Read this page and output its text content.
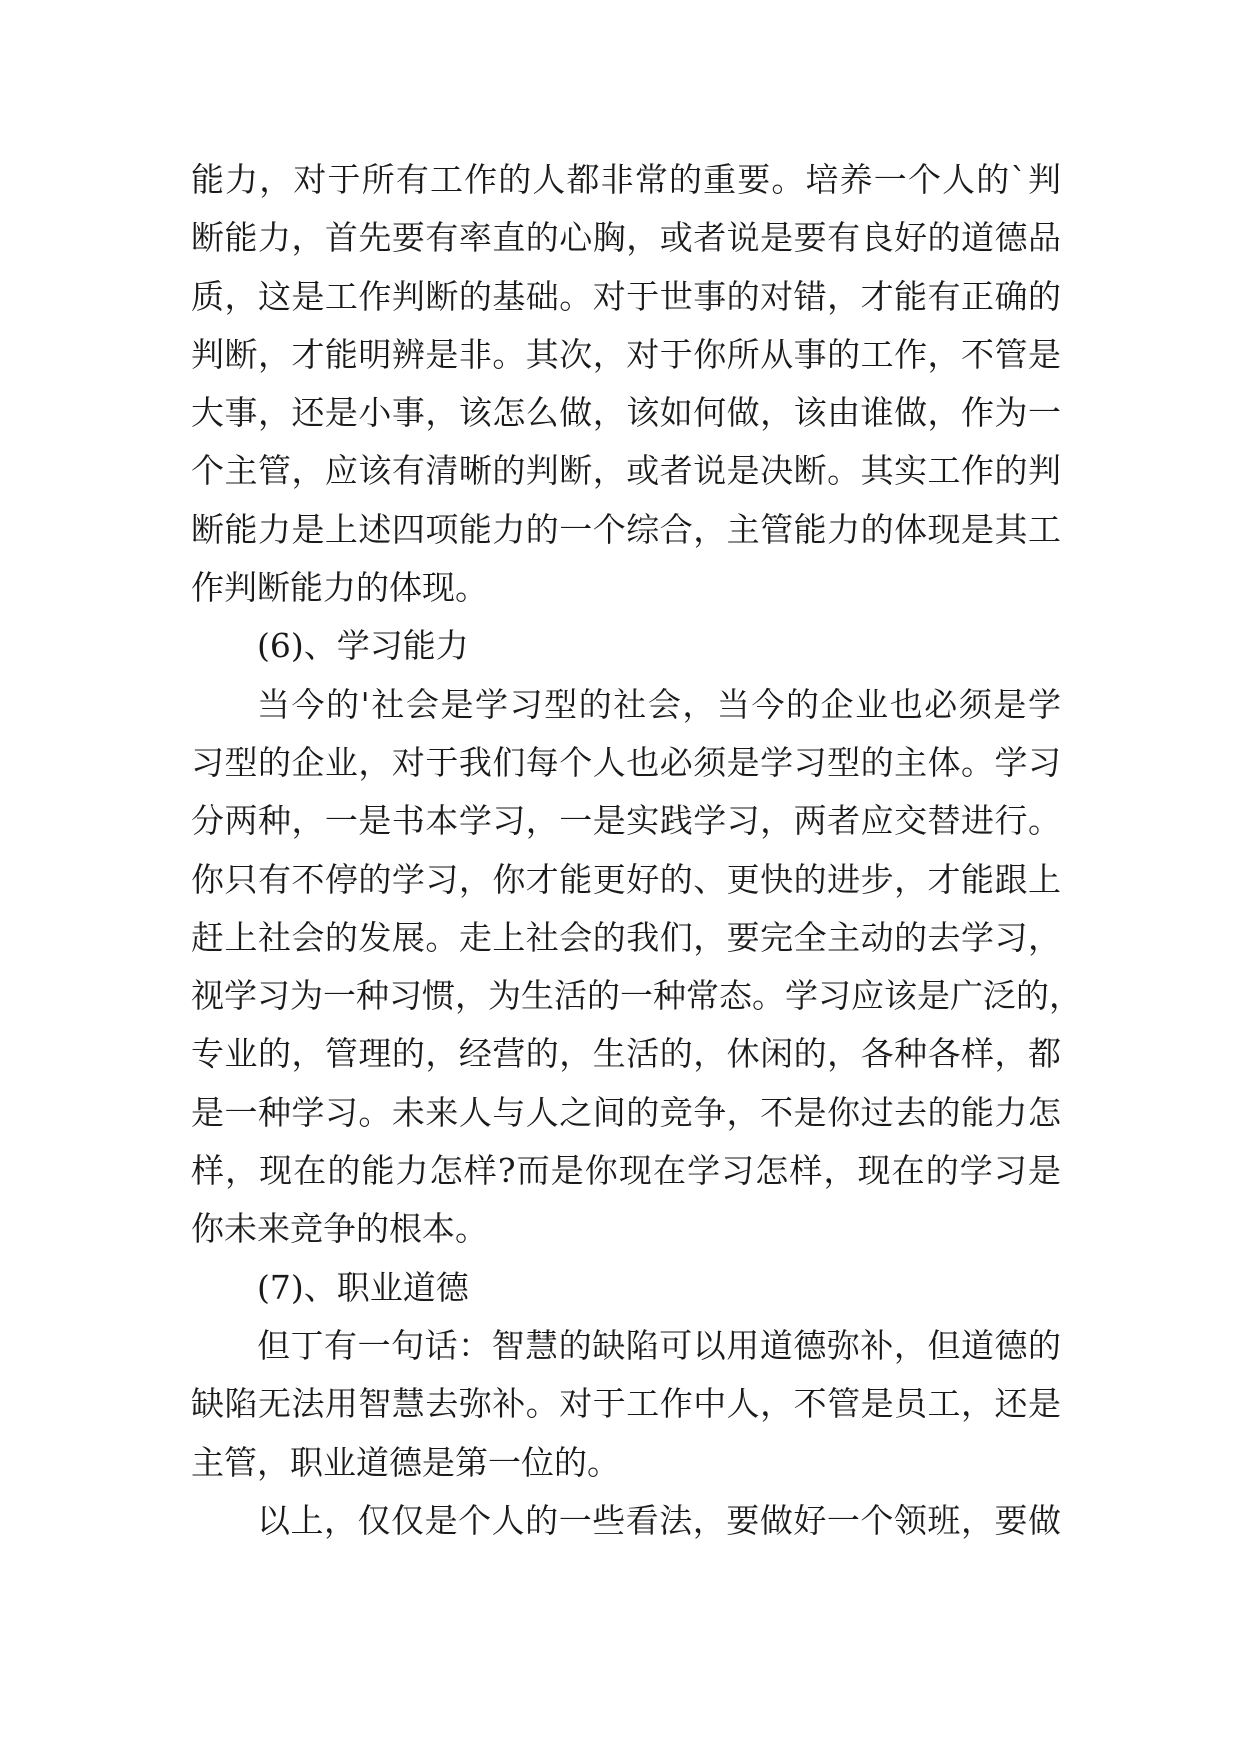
能力，对于所有工作的人都非常的重要。培养一个人的`判
断能力，首先要有率直的心胸，或者说是要有良好的道德品
质，这是工作判断的基础。对于世事的对错，才能有正确的
判断，才能明辨是非。其次，对于你所从事的工作，不管是
大事，还是小事，该怎么做，该如何做，该由谁做，作为一
个主管，应该有清晰的判断，或者说是决断。其实工作的判
断能力是上述四项能力的一个综合，主管能力的体现是其工
作判断能力的体现。
(6)、学习能力
当今的'社会是学习型的社会，当今的企业也必须是学
习型的企业，对于我们每个人也必须是学习型的主体。学习
分两种，一是书本学习，一是实践学习，两者应交替进行。
你只有不停的学习，你才能更好的、更快的进步，才能跟上
赶上社会的发展。走上社会的我们，要完全主动的去学习，
视学习为一种习惯，为生活的一种常态。学习应该是广泛的，
专业的，管理的，经营的，生活的，休闲的，各种各样，都
是一种学习。未来人与人之间的竞争，不是你过去的能力怎
样，现在的能力怎样?而是你现在学习怎样，现在的学习是
你未来竞争的根本。
(7)、职业道德
但丁有一句话：智慧的缺陷可以用道德弥补，但道德的
缺陷无法用智慧去弥补。对于工作中人，不管是员工，还是
主管，职业道德是第一位的。
以上，仅仅是个人的一些看法，要做好一个领班，要做
